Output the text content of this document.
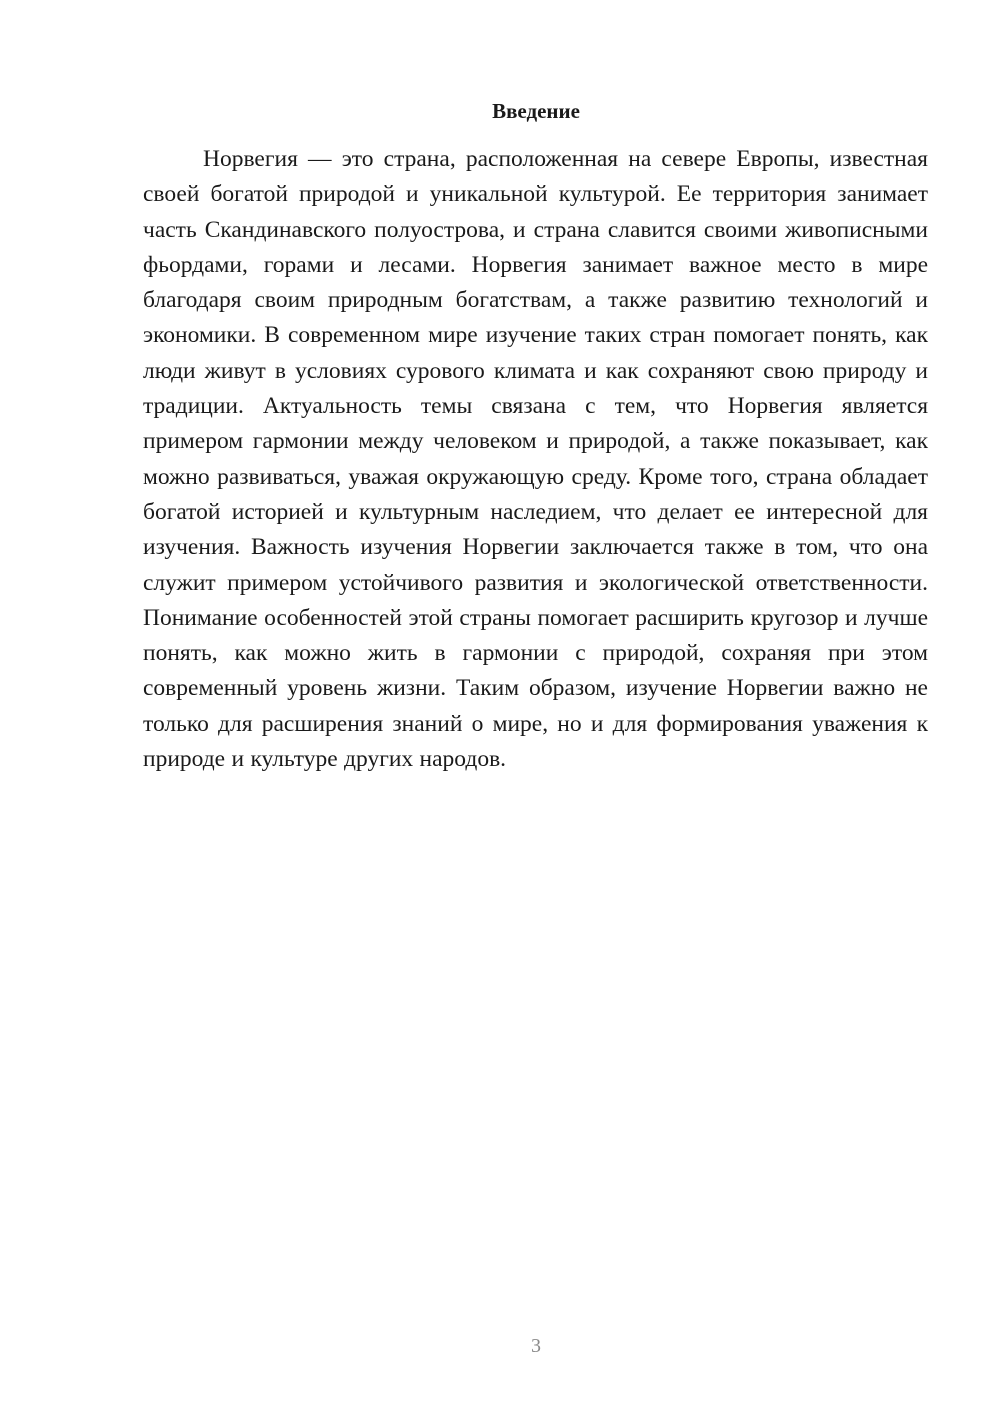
Введение

Норвегия — это страна, расположенная на севере Европы, известная своей богатой природой и уникальной культурой. Ее территория занимает часть Скандинавского полуострова, и страна славится своими живописными фьордами, горами и лесами. Норвегия занимает важное место в мире благодаря своим природным богатствам, а также развитию технологий и экономики. В современном мире изучение таких стран помогает понять, как люди живут в условиях сурового климата и как сохраняют свою природу и традиции. Актуальность темы связана с тем, что Норвегия является примером гармонии между человеком и природой, а также показывает, как можно развиваться, уважая окружающую среду. Кроме того, страна обладает богатой историей и культурным наследием, что делает ее интересной для изучения. Важность изучения Норвегии заключается также в том, что она служит примером устойчивого развития и экологической ответственности. Понимание особенностей этой страны помогает расширить кругозор и лучше понять, как можно жить в гармонии с природой, сохраняя при этом современный уровень жизни. Таким образом, изучение Норвегии важно не только для расширения знаний о мире, но и для формирования уважения к природе и культуре других народов.

3
